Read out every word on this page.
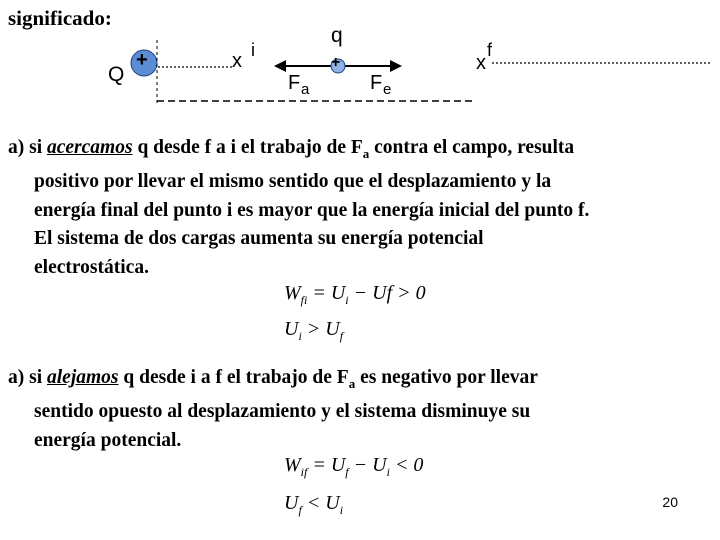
significado:
Q
+	+
x i
q
F a	F e
x
f
a) si acercamos q desde f a i el trabajo de $F_a$ contra el campo, resulta
positivo por llevar el mismo sentido que el desplazamiento y la
energía final del punto i es mayor que la energía inicial del punto f.
El sistema de dos cargas aumenta su energía potencial
electrostática.
$W_{fi} = U_i - Uf > 0$
$U_i > U_f$
a) si alejamos q desde i a f el trabajo de $F_a$ es negativo por llevar
sentido opuesto al desplazamiento y el sistema disminuye su
energía potencial.
$W_{if} = U_f - U_i < 0$
$U_f < U_i$	20
